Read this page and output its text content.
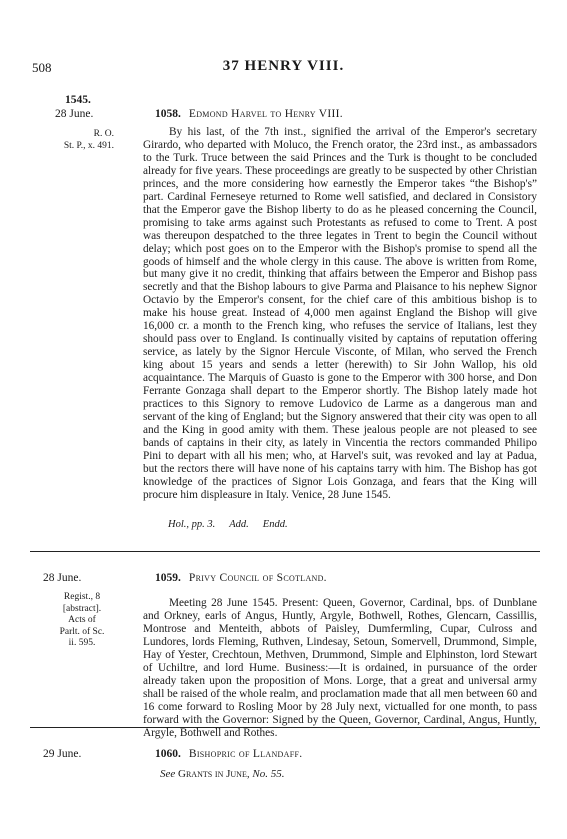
508	37 HENRY VIII.
1545.
28 June.	1058. Edmond Harvel to Henry VIII.
R. O.
St. P., x. 491.

By his last, of the 7th inst., signified the arrival of the Emperor's secretary Girardo, who departed with Moluco, the French orator, the 23rd inst., as ambassadors to the Turk. Truce between the said Princes and the Turk is thought to be concluded already for five years. These proceedings are greatly to be suspected by other Christian princes, and the more considering how earnestly the Emperor takes “the Bishop's” part. Cardinal Ferneseye returned to Rome well satisfied, and declared in Consistory that the Emperor gave the Bishop liberty to do as he pleased concerning the Council, promising to take arms against such Protestants as refused to come to Trent. A post was thereupon despatched to the three legates in Trent to begin the Council without delay; which post goes on to the Emperor with the Bishop's promise to spend all the goods of himself and the whole clergy in this cause. The above is written from Rome, but many give it no credit, thinking that affairs between the Emperor and Bishop pass secretly and that the Bishop labours to give Parma and Plaisance to his nephew Signor Octavio by the Emperor's consent, for the chief care of this ambitious bishop is to make his house great. Instead of 4,000 men against England the Bishop will give 16,000 cr. a month to the French king, who refuses the service of Italians, lest they should pass over to England. Is continually visited by captains of reputation offering service, as lately by the Signor Hercule Visconte, of Milan, who served the French king about 15 years and sends a letter (herewith) to Sir John Wallop, his old acquaintance. The Marquis of Guasto is gone to the Emperor with 300 horse, and Don Ferrante Gonzaga shall depart to the Emperor shortly. The Bishop lately made hot practices to this Signory to remove Ludovico de Larme as a dangerous man and servant of the king of England; but the Signory answered that their city was open to all and the King in good amity with them. These jealous people are not pleased to see bands of captains in their city, as lately in Vincentia the rectors commanded Philipo Pini to depart with all his men; who, at Harvel's suit, was revoked and lay at Padua, but the rectors there will have none of his captains tarry with him. The Bishop has got knowledge of the practices of Signor Lois Gonzaga, and fears that the King will procure him displeasure in Italy. Venice, 28 June 1545.

Hol., pp. 3. Add. Endd.
28 June.	1059. Privy Council of Scotland.
Regist., 8
[abstract].
Acts of
Parlt. of Sc.
ii. 595.

Meeting 28 June 1545. Present: Queen, Governor, Cardinal, bps. of Dunblane and Orkney, earls of Angus, Huntly, Argyle, Bothwell, Rothes, Glencarn, Cassillis, Montrose and Menteith, abbots of Paisley, Dumfermling, Cupar, Culross and Lundores, lords Fleming, Ruthven, Lindesay, Setoun, Somervell, Drummond, Simple, Hay of Yester, Crechtoun, Methven, Drummond, Simple and Elphinston, lord Stewart of Uchiltre, and lord Hume. Business:—It is ordained, in pursuance of the order already taken upon the proposition of Mons. Lorge, that a great and universal army shall be raised of the whole realm, and proclamation made that all men between 60 and 16 come forward to Rosling Moor by 28 July next, victualled for one month, to pass forward with the Governor: Signed by the Queen, Governor, Cardinal, Angus, Huntly, Argyle, Bothwell and Rothes.

29 June.	1060. Bishopric of Llandaff.
See Grants in June, No. 55.
